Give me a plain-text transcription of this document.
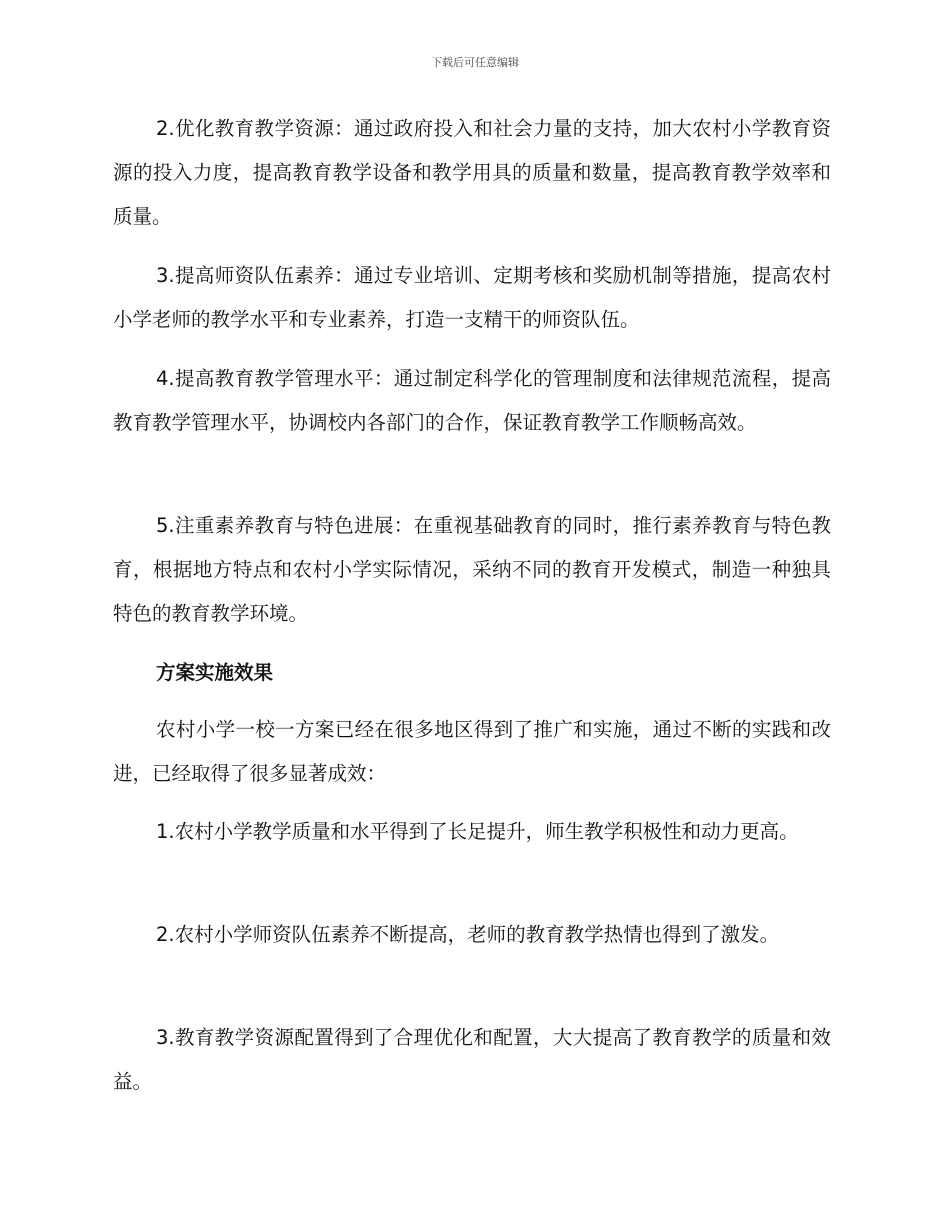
下载后可任意编辑

2.优化教育教学资源：通过政府投入和社会力量的支持，加大农村小学教育资源的投入力度，提高教育教学设备和教学用具的质量和数量，提高教育教学效率和质量。

3.提高师资队伍素养：通过专业培训、定期考核和奖励机制等措施，提高农村小学老师的教学水平和专业素养，打造一支精干的师资队伍。

4.提高教育教学管理水平：通过制定科学化的管理制度和法律规范流程，提高教育教学管理水平，协调校内各部门的合作，保证教育教学工作顺畅高效。

5.注重素养教育与特色进展：在重视基础教育的同时，推行素养教育与特色教育，根据地方特点和农村小学实际情况，采纳不同的教育开发模式，制造一种独具特色的教育教学环境。

方案实施效果

农村小学一校一方案已经在很多地区得到了推广和实施，通过不断的实践和改进，已经取得了很多显著成效：

1.农村小学教学质量和水平得到了长足提升，师生教学积极性和动力更高。

2.农村小学师资队伍素养不断提高，老师的教育教学热情也得到了激发。

3.教育教学资源配置得到了合理优化和配置，大大提高了教育教学的质量和效益。
